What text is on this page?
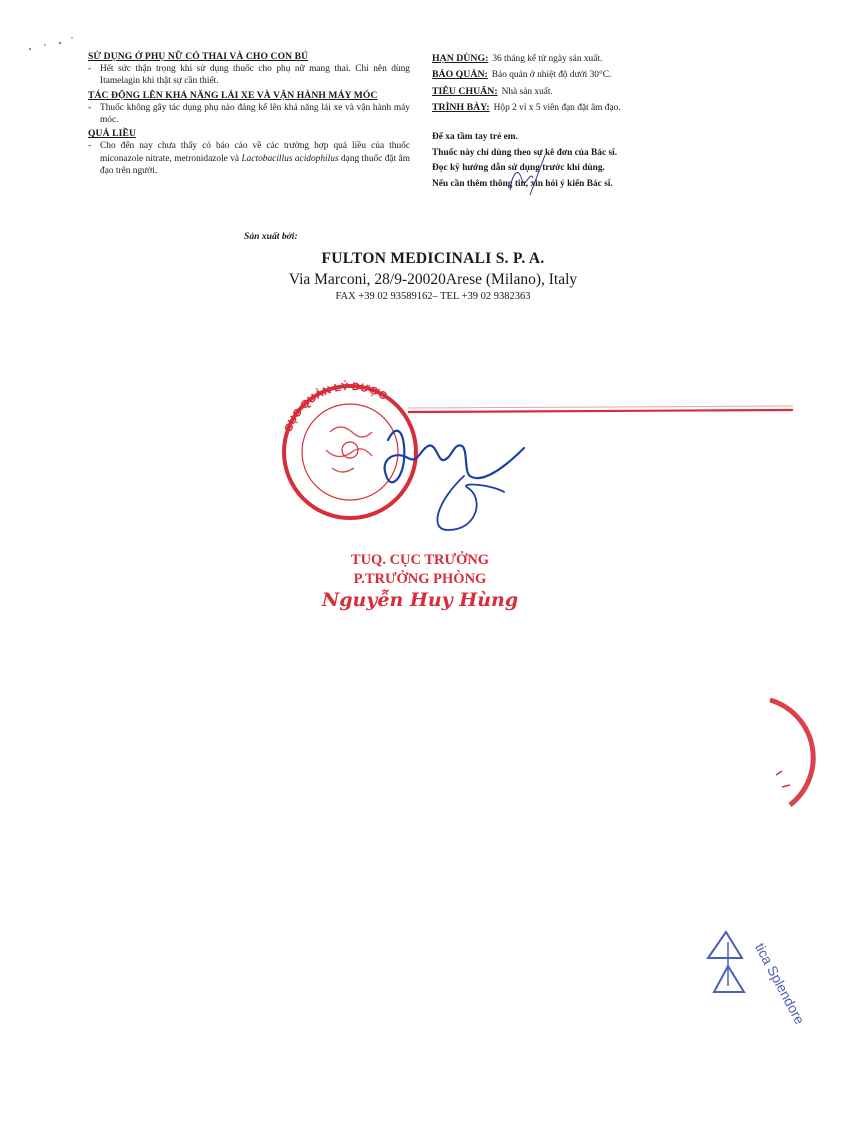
SỬ DỤNG Ở PHỤ NỮ CÓ THAI VÀ CHO CON BÚ
- Hết sức thận trọng khi sử dụng thuốc cho phụ nữ mang thai. Chỉ nên dùng Itamelagin khi thật sự cần thiết.
TÁC ĐỘNG LÊN KHẢ NĂNG LÁI XE VÀ VẬN HÀNH MÁY MÓC
- Thuốc không gây tác dụng phụ nào đáng kể lên khả năng lái xe và vận hành máy móc.
QUÁ LIỀU
- Cho đến nay chưa thấy có báo cáo về các trường hợp quá liều của thuốc miconazole nitrate, metronidazole và Lactobacillus acidophilus dạng thuốc đặt âm đạo trên người.
HẠN DÙNG: 36 tháng kể từ ngày sản xuất.
BẢO QUẢN: Bảo quản ở nhiệt độ dưới 30°C.
TIÊU CHUẨN: Nhà sản xuất.
TRÌNH BÀY: Hộp 2 vỉ x 5 viên đạn đặt âm đạo.
Để xa tầm tay trẻ em.
Thuốc này chỉ dùng theo sự kê đơn của Bác sĩ.
Đọc kỹ hướng dẫn sử dụng trước khi dùng.
Nếu cần thêm thông tin, xin hỏi ý kiến Bác sĩ.
Sản xuất bởi:
FULTON MEDICINALI S. P. A.
Via Marconi, 28/9-20020Arese (Milano), Italy
FAX +39 02 93589162– TEL +39 02 9382363
CỤC QUẢN LÝ DƯỢC
TUQ. CỤC TRƯỞNG
P.TRƯỞNG PHÒNG
Nguyễn Huy Hùng
tica Splendore
